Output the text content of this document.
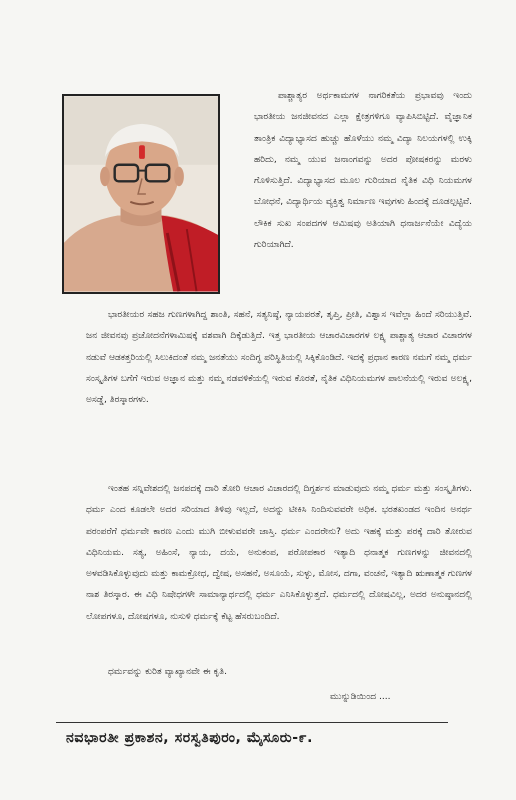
ಪಾಶ್ಚಾತ್ಯರ ಅರ್ಥಕಾಮಗಳ ನಾಗರಿಕತೆಯ ಪ್ರಭಾವವು ಇಂದು ಭಾರತೀಯ ಜನಜೀವನದ ಎಲ್ಲಾ ಕ್ಷೇತ್ರಗಳಿಗೂ ವ್ಯಾಪಿಸಿಬಿಟ್ಟಿದೆ. ವೈಜ್ಞಾನಿಕ ತಾಂತ್ರಿಕ ವಿದ್ಯಾಭ್ಯಾಸದ ಹುಚ್ಚು ಹೊಳೆಯು ನಮ್ಮ ವಿದ್ಯಾ ನಿಲಯಗಳಲ್ಲಿ ಉಕ್ಕಿ ಹರಿದು, ನಮ್ಮ ಯುವ ಜನಾಂಗವನ್ನು ಅದರ ಪೋಷಕರನ್ನು ಮರಳು ಗೊಳಿಸುತ್ತಿದೆ. ವಿದ್ಯಾಭ್ಯಾಸದ ಮೂಲ ಗುರಿಯಾದ ನೈತಿಕ ವಿಧಿ ನಿಯಮಗಳ ಬೋಧನೆ, ವಿದ್ಯಾರ್ಥಿಯ ವ್ಯಕ್ತಿತ್ವ ನಿರ್ಮಾಣ ಇವುಗಳು ಹಿಂದಕ್ಕೆ ದೂಡಲ್ಪಟ್ಟಿವೆ. ಲೌಕಿಕ ಸುಖ ಸಂಪದಗಳ ಆಮಿಷವು ಅತಿಯಾಗಿ ಧನಾರ್ಜನೆಯೇ ವಿದ್ಯೆಯ ಗುರಿಯಾಗಿದೆ.

ಭಾರತೀಯರ ಸಹಜ ಗುಣಗಳಾಗಿದ್ದ ಶಾಂತಿ, ಸಹನೆ, ಸತ್ಯನಿಷ್ಠೆ, ನ್ಯಾಯಪರತೆ, ತೃಪ್ತಿ, ಪ್ರೀತಿ, ವಿಶ್ವಾಸ ಇವೆಲ್ಲಾ ಹಿಂದೆ ಸರಿಯುತ್ತಿವೆ. ಜನ ಜೀವನವು ಪ್ರಚೋದನೆಗಳಾಮಿಷಕ್ಕೆ ವಶವಾಗಿ ದಿಕ್ಕೆಡುತ್ತಿದೆ. ಇತ್ತ ಭಾರತೀಯ ಆಚಾರವಿಚಾರಗಳ ಲಕ್ಷ್ಯ ಪಾಶ್ಚಾತ್ಯ ಆಚಾರ ವಿಚಾರಗಳ ನಡುವೆ ಆಡಕತ್ತರಿಯಲ್ಲಿ ಸಿಲುಕಿದಂತೆ ನಮ್ಮ ಜನತೆಯು ಸಂದಿಗ್ಧ ಪರಿಸ್ಥಿತಿಯಲ್ಲಿ ಸಿಕ್ಕಿಕೊಂಡಿದೆ. ಇದಕ್ಕೆ ಪ್ರಧಾನ ಕಾರಣ ನಮಗೆ ನಮ್ಮ ಧರ್ಮ ಸಂಸ್ಕೃತಿಗಳ ಬಗೆಗೆ ಇರುವ ಅಜ್ಞಾನ ಮತ್ತು ನಮ್ಮ ನಡವಳಿಕೆಯಲ್ಲಿ ಇರುವ ಕೊರತೆ, ನೈತಿಕ ವಿಧಿನಿಯಮಗಳ ಪಾಲನೆಯಲ್ಲಿ ಇರುವ ಅಲಕ್ಷ್ಯ, ಅಸಡ್ಡೆ, ತಿರಸ್ಕಾರಗಳು.

ಇಂತಹ ಸನ್ನಿವೇಶದಲ್ಲಿ ಜನಪದಕ್ಕೆ ದಾರಿ ತೋರಿ ಆಚಾರ ವಿಚಾರದಲ್ಲಿ ದಿಗ್ದರ್ಶನ ಮಾಡುವುದು ನಮ್ಮ ಧರ್ಮ ಮತ್ತು ಸಂಸ್ಕೃತಿಗಳು. ಧರ್ಮ ಎಂದ ಕೂಡಲೇ ಅದರ ಸರಿಯಾದ ತಿಳಿವು ಇಲ್ಲದೆ, ಅದನ್ನು ಟೀಕಿಸಿ ನಿಂದಿಸುವವರೇ ಅಧಿಕ. ಭರತಖಂಡದ ಇಂದಿನ ಅನರ್ಥ ಪರಂಪರೆಗೆ ಧರ್ಮವೇ ಕಾರಣ ಎಂದು ಮುಗಿ ಬೀಳುವವರೇ ಜಾಸ್ತಿ. ಧರ್ಮ ಎಂದರೇನು? ಅದು ಇಹಕ್ಕೆ ಮತ್ತು ಪರಕ್ಕೆ ದಾರಿ ತೋರುವ ವಿಧಿನಿಯಮ. ಸತ್ಯ, ಅಹಿಂಸೆ, ನ್ಯಾಯ, ದಯೆ, ಅನುಕಂಪ, ಪರೋಪಕಾರ ಇತ್ಯಾದಿ ಧನಾತ್ಮಕ ಗುಣಗಳನ್ನು ಜೀವನದಲ್ಲಿ ಅಳವಡಿಸಿಕೊಳ್ಳುವುದು ಮತ್ತು ಕಾಮಕ್ರೋಧ, ದ್ವೇಷ, ಅಸಹನೆ, ಅಸೂಯೆ, ಸುಳ್ಳು, ಮೋಸ, ದಗಾ, ವಂಚನೆ, ಇತ್ಯಾದಿ ಋಣಾತ್ಮಕ ಗುಣಗಳ ನಾಶ ತಿರಸ್ಕಾರ. ಈ ವಿಧಿ ನಿಷೇಧಗಳೇ ಸಾಮಾನ್ಯಾರ್ಥದಲ್ಲಿ ಧರ್ಮ ಎನಿಸಿಕೊಳ್ಳುತ್ತದೆ. ಧರ್ಮದಲ್ಲಿ ದೋಷವಿಲ್ಲ, ಅದರ ಅನುಷ್ಠಾನದಲ್ಲಿ ಲೋಪಗಳೂ, ದೋಷಗಳೂ, ನುಸುಳಿ ಧರ್ಮಕ್ಕೆ ಕೆಟ್ಟ ಹೆಸರುಬಂದಿದೆ.

ಧರ್ಮವನ್ನು ಕುರಿತ ವ್ಯಾಖ್ಯಾನವೇ ಈ ಕೃತಿ.

ಮುನ್ನುಡಿಯಿಂದ ....
ನವಭಾರತೀ ಪ್ರಕಾಶನ, ಸರಸ್ವತಿಪುರಂ, ಮೈಸೂರು-೯.
